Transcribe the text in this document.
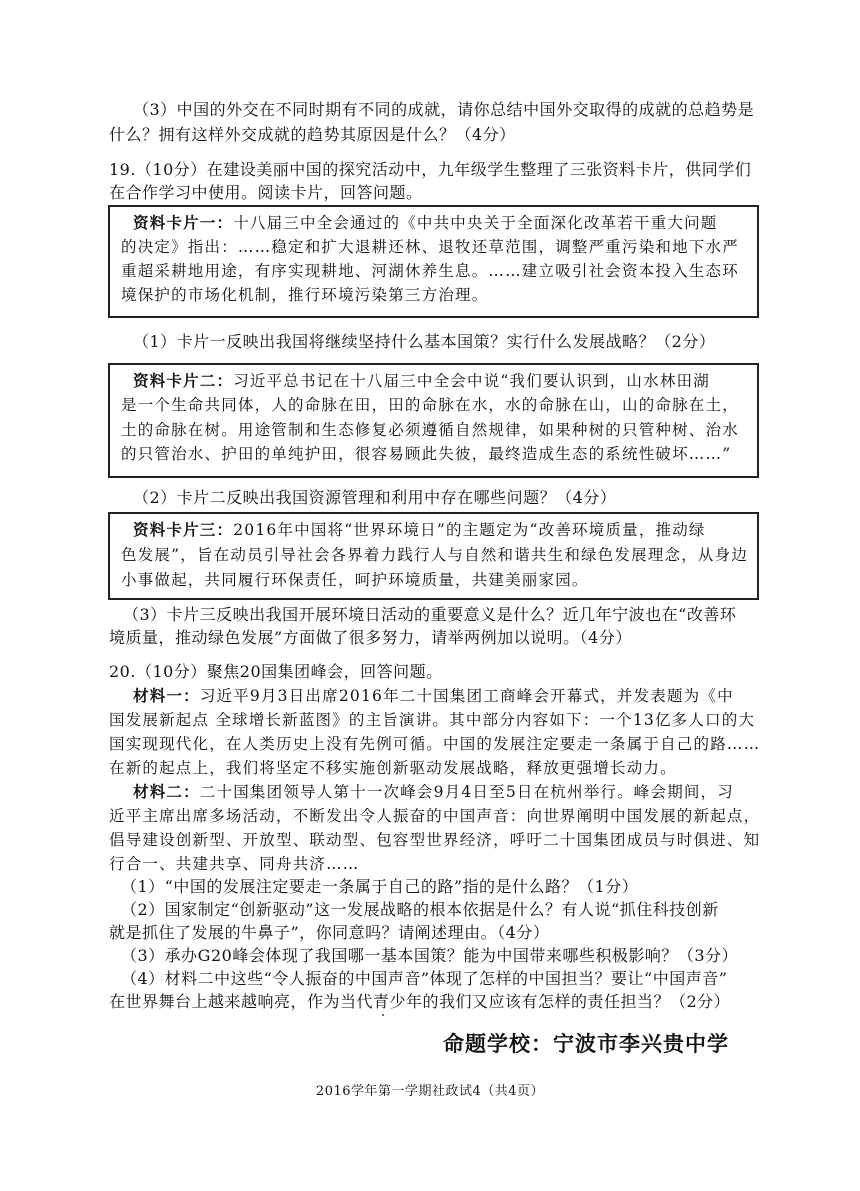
（3）中国的外交在不同时期有不同的成就，请你总结中国外交取得的成就的总趋势是
什么？拥有这样外交成就的趋势其原因是什么？（4分）
19.（10分）在建设美丽中国的探究活动中，九年级学生整理了三张资料卡片，供同学们
在合作学习中使用。阅读卡片，回答问题。
资料卡片一：十八届三中全会通过的《中共中央关于全面深化改革若干重大问题
的决定》指出：……稳定和扩大退耕还林、退牧还草范围，调整严重污染和地下水严
重超采耕地用途，有序实现耕地、河湖休养生息。……建立吸引社会资本投入生态环
境保护的市场化机制，推行环境污染第三方治理。
（1）卡片一反映出我国将继续坚持什么基本国策？实行什么发展战略？（2分）
资料卡片二：习近平总书记在十八届三中全会中说“我们要认识到，山水林田湖
是一个生命共同体，人的命脉在田，田的命脉在水，水的命脉在山，山的命脉在土，
土的命脉在树。用途管制和生态修复必须遵循自然规律，如果种树的只管种树、治水
的只管治水、护田的单纯护田，很容易顾此失彼，最终造成生态的系统性破坏……”
（2）卡片二反映出我国资源管理和利用中存在哪些问题？（4分）
资料卡片三：2016年中国将“世界环境日”的主题定为“改善环境质量，推动绿
色发展”，旨在动员引导社会各界着力践行人与自然和谐共生和绿色发展理念，从身边
小事做起，共同履行环保责任，呵护环境质量，共建美丽家园。
（3）卡片三反映出我国开展环境日活动的重要意义是什么？近几年宁波也在“改善环
境质量，推动绿色发展”方面做了很多努力，请举两例加以说明。（4分）
20.（10分）聚焦20国集团峰会，回答问题。
材料一：习近平9月3日出席2016年二十国集团工商峰会开幕式，并发表题为《中
国发展新起点 全球增长新蓝图》的主旨演讲。其中部分内容如下：一个13亿多人口的大
国实现现代化，在人类历史上没有先例可循。中国的发展注定要走一条属于自己的路……
在新的起点上，我们将坚定不移实施创新驱动发展战略，释放更强增长动力。
材料二：二十国集团领导人第十一次峰会9月4日至5日在杭州举行。峰会期间，习
近平主席出席多场活动，不断发出令人振奋的中国声音：向世界阐明中国发展的新起点，
倡导建设创新型、开放型、联动型、包容型世界经济，呼吁二十国集团成员与时俱进、知
行合一、共建共享、同舟共济……
（1）“中国的发展注定要走一条属于自己的路”指的是什么路？（1分）
（2）国家制定“创新驱动”这一发展战略的根本依据是什么？有人说“抓住科技创新
就是抓住了发展的牛鼻子”，你同意吗？请阐述理由。（4分）
（3）承办G20峰会体现了我国哪一基本国策？能为中国带来哪些积极影响？（3分）
（4）材料二中这些“令人振奋的中国声音”体现了怎样的中国担当？要让“中国声音”
在世界舞台上越来越响亮，作为当代青少年的我们又应该有怎样的责任担当？（2分）
命题学校：宁波市李兴贵中学
2016学年第一学期社政试4（共4页）
